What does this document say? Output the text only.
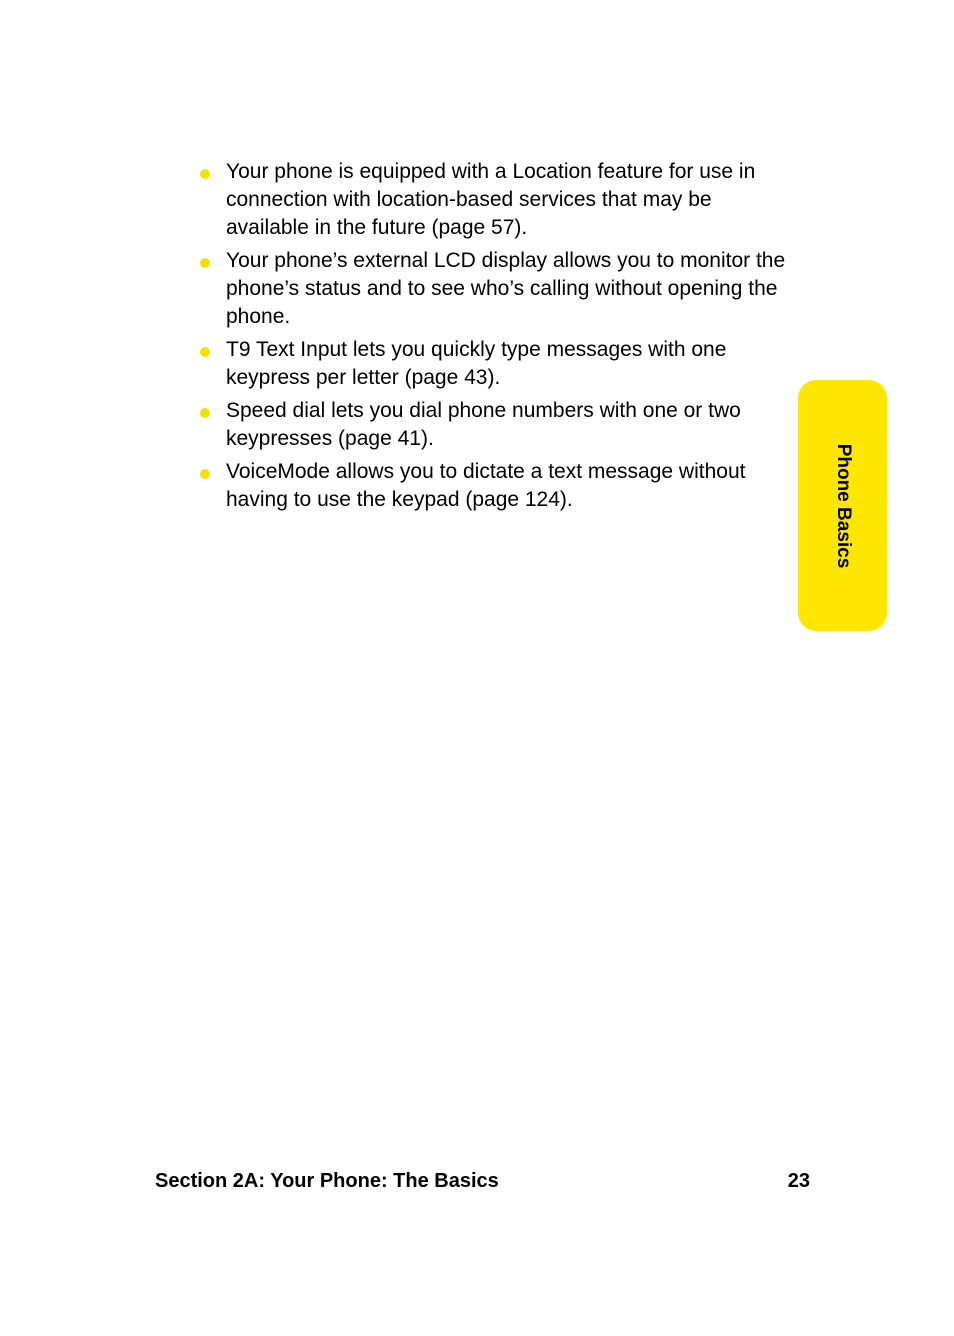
Your phone is equipped with a Location feature for use in connection with location-based services that may be available in the future (page 57).
Your phone’s external LCD display allows you to monitor the phone’s status and to see who’s calling without opening the phone.
T9 Text Input lets you quickly type messages with one keypress per letter (page 43).
Speed dial lets you dial phone numbers with one or two keypresses (page 41).
VoiceMode allows you to dictate a text message without having to use the keypad (page 124).	Phone Basics
Section 2A: Your Phone: The Basics	23
